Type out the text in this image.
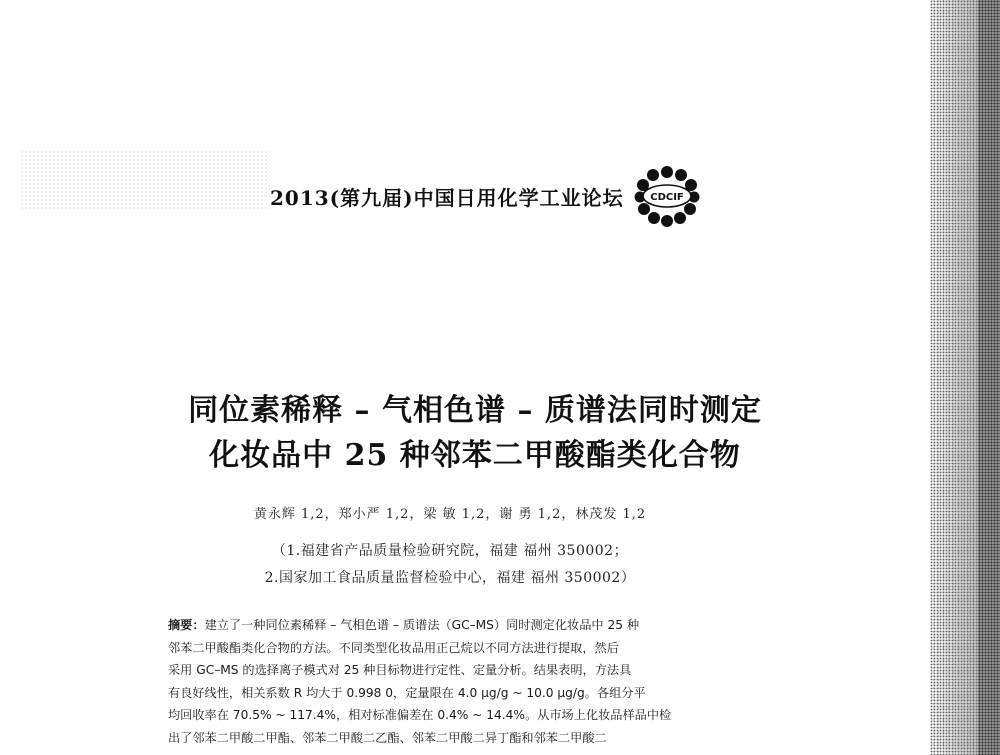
2013(第九届)中国日用化学工业论坛	CDCIF
同位素稀释 – 气相色谱 – 质谱法同时测定
化妆品中 25 种邻苯二甲酸酯类化合物
黄永辉 1,2，郑小严 1,2，梁 敏 1,2，谢 勇 1,2，林茂发 1,2
（1.福建省产品质量检验研究院，福建 福州 350002；
2.国家加工食品质量监督检验中心，福建 福州 350002）
摘要：建立了一种同位素稀释 – 气相色谱 – 质谱法（GC–MS）同时测定化妆品中 25 种
邻苯二甲酸酯类化合物的方法。不同类型化妆品用正己烷以不同方法进行提取，然后
采用 GC–MS 的选择离子模式对 25 种目标物进行定性、定量分析。结果表明，方法具
有良好线性，相关系数 R 均大于 0.998 0，定量限在 4.0 μg/g ~ 10.0 μg/g。各组分平
均回收率在 70.5% ~ 117.4%，相对标准偏差在 0.4% ~ 14.4%。从市场上化妆品样品中检
出了邻苯二甲酸二甲酯、邻苯二甲酸二乙酯、邻苯二甲酸二异丁酯和邻苯二甲酸二
